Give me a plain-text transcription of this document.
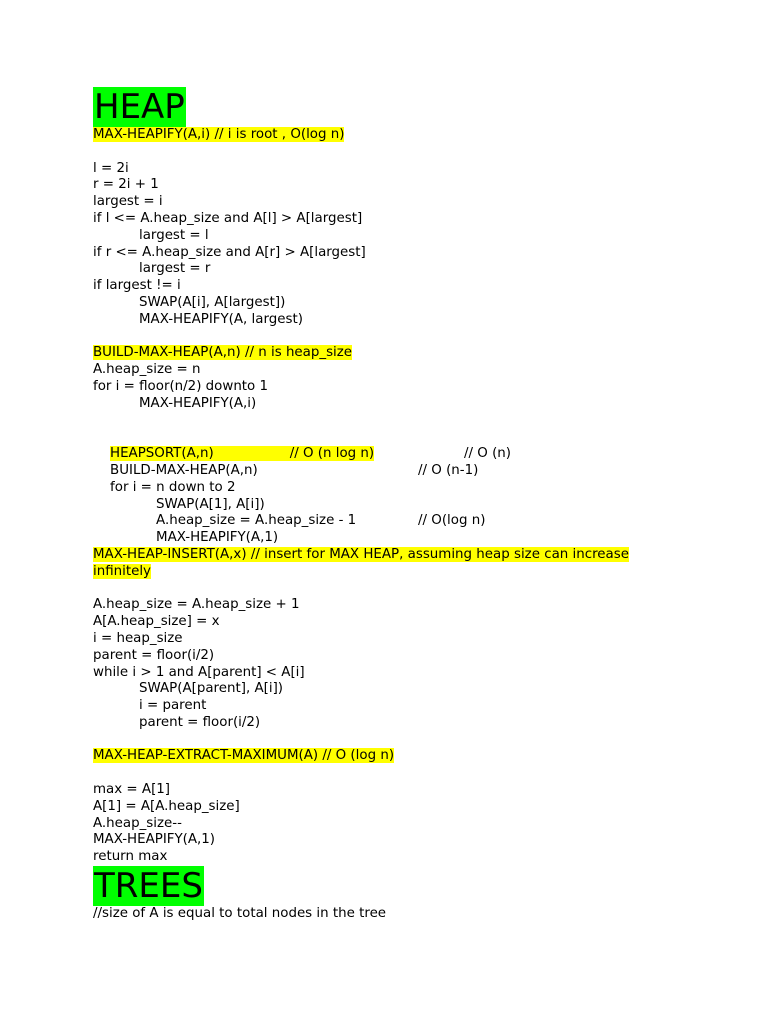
HEAP
MAX-HEAPIFY(A,i) // i is root , O(log n)
l = 2i
r = 2i + 1
largest = i
if l <= A.heap_size and A[l] > A[largest]
largest = l
if r <= A.heap_size and A[r] > A[largest]
largest = r
if largest != i
SWAP(A[i], A[largest])
MAX-HEAPIFY(A, largest)
BUILD-MAX-HEAP(A,n) // n is heap_size
A.heap_size = n
for i = floor(n/2) downto 1
MAX-HEAPIFY(A,i)

HEAPSORT(A,n)	// O (n log n)

BUILD-MAX-HEAP(A,n)

// O (n)

for i = n down to 2

// O (n-1)

SWAP(A[1], A[i])

A.heap_size = A.heap_size - 1

MAX-HEAPIFY(A,1)

// O(log n)

MAX-HEAP-INSERT(A,x) // insert for MAX HEAP, assuming heap size can increase infinitely
A.heap_size = A.heap_size + 1
A[A.heap_size] = x
i = heap_size
parent = floor(i/2)
while i > 1 and A[parent] < A[i]
SWAP(A[parent], A[i])
i = parent
parent = floor(i/2)
MAX-HEAP-EXTRACT-MAXIMUM(A) // O (log n)
max = A[1]
A[1] = A[A.heap_size]
A.heap_size--
MAX-HEAPIFY(A,1)
return max
TREES
//size of A is equal to total nodes in the tree
